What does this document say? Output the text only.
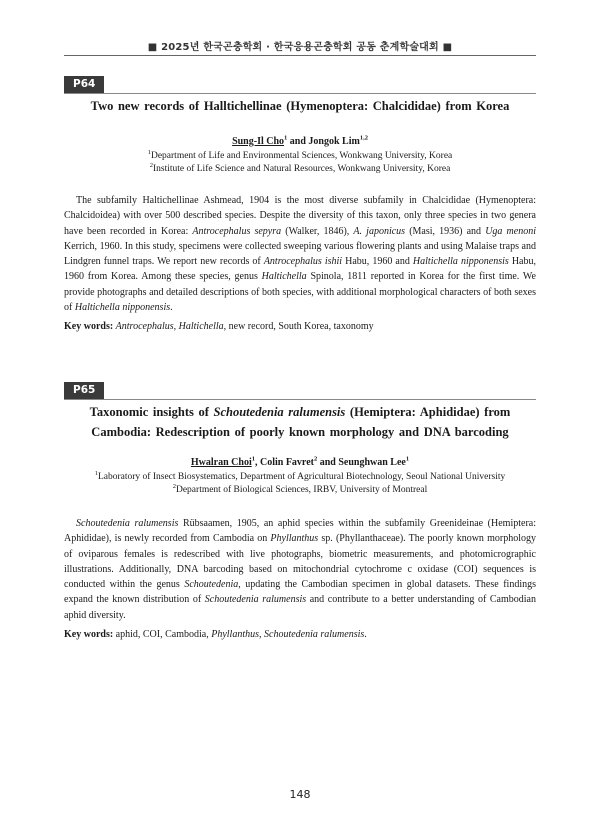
■ 2025년 한국곤충학회 · 한국응용곤충학회 공동 춘계학술대회 ■
P64
Two new records of Halltichellinae (Hymenoptera: Chalcididae) from Korea
Sung-Il Cho$^1$ and Jongok Lim$^{1,2}$
$^1$Department of Life and Environmental Sciences, Wonkwang University, Korea
$^2$Institute of Life Science and Natural Resources, Wonkwang University, Korea
The subfamily Haltichellinae Ashmead, 1904 is the most diverse subfamily in Chalcididae (Hymenoptera: Chalcidoidea) with over 500 described species. Despite the diversity of this taxon, only three species in two genera have been recorded in Korea: Antrocephalus sepyra (Walker, 1846), A. japonicus (Masi, 1936) and Uga menoni Kerrich, 1960. In this study, specimens were collected sweeping various flowering plants and using Malaise traps and Lindgren funnel traps. We report new records of Antrocephalus ishii Habu, 1960 and Haltichella nipponensis Habu, 1960 from Korea. Among these species, genus Haltichella Spinola, 1811 reported in Korea for the first time. We provide photographs and detailed descriptions of both species, with additional morphological characters of both sexes of Haltichella nipponensis.
Key words: Antrocephalus, Haltichella, new record, South Korea, taxonomy
P65
Taxonomic insights of Schoutedenia ralumensis (Hemiptera: Aphididae) from Cambodia: Redescription of poorly known morphology and DNA barcoding
Hwalran Choi$^1$, Colin Favret$^2$ and Seunghwan Lee$^1$
$^1$Laboratory of Insect Biosystematics, Department of Agricultural Biotechnology, Seoul National University
$^2$Department of Biological Sciences, IRBV, University of Montreal
Schoutedenia ralumensis Rübsaamen, 1905, an aphid species within the subfamily Greenideinae (Hemiptera: Aphididae), is newly recorded from Cambodia on Phyllanthus sp. (Phyllanthaceae). The poorly known morphology of oviparous females is redescribed with live photographs, biometric measurements, and photomicrographic illustrations. Additionally, DNA barcoding based on mitochondrial cytochrome c oxidase (COI) sequences is conducted within the genus Schoutedenia, updating the Cambodian specimen in global datasets. These findings expand the known distribution of Schoutedenia ralumensis and contribute to a better understanding of Cambodian aphid diversity.
Key words: aphid, COI, Cambodia, Phyllanthus, Schoutedenia ralumensis.
148
